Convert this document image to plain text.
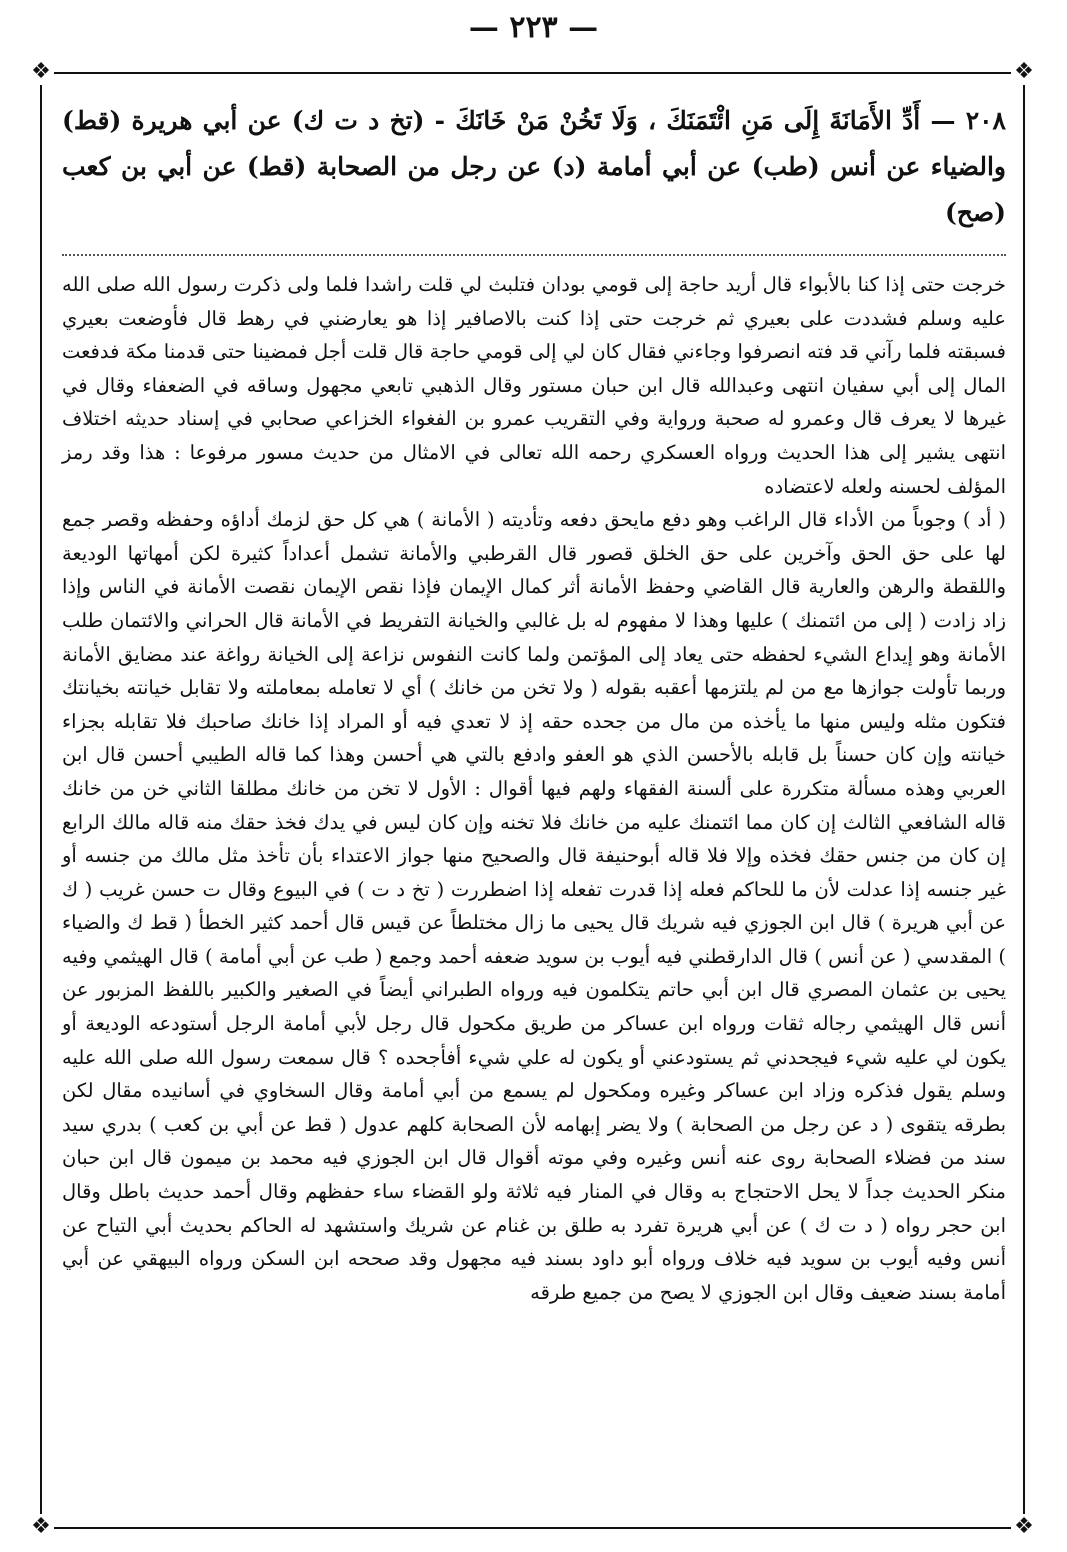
— ٢٢٣ —
❖	❖
❖	❖

٢٠٨ — أَدِّ الأَمَانَةَ إِلَى مَنِ ائْتَمَنَكَ ، وَلَا تَخُنْ مَنْ خَانَكَ - (تخ د ت ك) عن أبي هريرة (قط) والضياء عن أنس (طب) عن أبي أمامة (د) عن رجل من الصحابة (قط) عن أبي بن كعب (صح)

خرجت حتى إذا كنا بالأبواء قال أريد حاجة إلى قومي بودان فتلبث لي قلت راشدا فلما ولى ذكرت رسول الله صلى الله عليه وسلم فشددت على بعيري ثم خرجت حتى إذا كنت بالاصافير إذا هو يعارضني في رهط قال فأوضعت بعيري فسبقته فلما رآني قد فته انصرفوا وجاءني فقال كان لي إلى قومي حاجة قال قلت أجل فمضينا حتى قدمنا مكة فدفعت المال إلى أبي سفيان انتهى وعبدالله قال ابن حبان مستور وقال الذهبي تابعي مجهول وساقه في الضعفاء وقال في غيرها لا يعرف قال وعمرو له صحبة ورواية وفي التقريب عمرو بن الفغواء الخزاعي صحابي في إسناد حديثه اختلاف انتهى يشير إلى هذا الحديث ورواه العسكري رحمه الله تعالى في الامثال من حديث مسور مرفوعا : هذا وقد رمز المؤلف لحسنه ولعله لاعتضاده

( أد ) وجوباً من الأداء قال الراغب وهو دفع مايحق دفعه وتأديته ( الأمانة ) هي كل حق لزمك أداؤه وحفظه وقصر جمع لها على حق الحق وآخرين على حق الخلق قصور قال القرطبي والأمانة تشمل أعداداً كثيرة لكن أمهاتها الوديعة واللقطة والرهن والعارية قال القاضي وحفظ الأمانة أثر كمال الإيمان فإذا نقص الإيمان نقصت الأمانة في الناس وإذا زاد زادت ( إلى من ائتمنك ) عليها وهذا لا مفهوم له بل غالبي والخيانة التفريط في الأمانة قال الحراني والائتمان طلب الأمانة وهو إيداع الشيء لحفظه حتى يعاد إلى المؤتمن ولما كانت النفوس نزاعة إلى الخيانة رواغة عند مضايق الأمانة وربما تأولت جوازها مع من لم يلتزمها أعقبه بقوله ( ولا تخن من خانك ) أي لا تعامله بمعاملته ولا تقابل خيانته بخيانتك فتكون مثله وليس منها ما يأخذه من مال من جحده حقه إذ لا تعدي فيه أو المراد إذا خانك صاحبك فلا تقابله بجزاء خيانته وإن كان حسناً بل قابله بالأحسن الذي هو العفو وادفع بالتي هي أحسن وهذا كما قاله الطيبي أحسن قال ابن العربي وهذه مسألة متكررة على ألسنة الفقهاء ولهم فيها أقوال : الأول لا تخن من خانك مطلقا الثاني خن من خانك قاله الشافعي الثالث إن كان مما ائتمنك عليه من خانك فلا تخنه وإن كان ليس في يدك فخذ حقك منه قاله مالك الرابع إن كان من جنس حقك فخذه وإلا فلا قاله أبوحنيفة قال والصحيح منها جواز الاعتداء بأن تأخذ مثل مالك من جنسه أو غير جنسه إذا عدلت لأن ما للحاكم فعله إذا قدرت تفعله إذا اضطررت ( تخ د ت ) في البيوع وقال ت حسن غريب ( ك عن أبي هريرة ) قال ابن الجوزي فيه شريك قال يحيى ما زال مختلطاً عن قيس قال أحمد كثير الخطأ ( قط ك والضياء ) المقدسي ( عن أنس ) قال الدارقطني فيه أيوب بن سويد ضعفه أحمد وجمع ( طب عن أبي أمامة ) قال الهيثمي وفيه يحيى بن عثمان المصري قال ابن أبي حاتم يتكلمون فيه ورواه الطبراني أيضاً في الصغير والكبير باللفظ المزبور عن أنس قال الهيثمي رجاله ثقات ورواه ابن عساكر من طريق مكحول قال رجل لأبي أمامة الرجل أستودعه الوديعة أو يكون لي عليه شيء فيجحدني ثم يستودعني أو يكون له علي شيء أفأجحده ؟ قال سمعت رسول الله صلى الله عليه وسلم يقول فذكره وزاد ابن عساكر وغيره ومكحول لم يسمع من أبي أمامة وقال السخاوي في أسانيده مقال لكن بطرقه يتقوى ( د عن رجل من الصحابة ) ولا يضر إبهامه لأن الصحابة كلهم عدول ( قط عن أبي بن كعب ) بدري سيد سند من فضلاء الصحابة روى عنه أنس وغيره وفي موته أقوال قال ابن الجوزي فيه محمد بن ميمون قال ابن حبان منكر الحديث جداً لا يحل الاحتجاج به وقال في المنار فيه ثلاثة ولو القضاء ساء حفظهم وقال أحمد حديث باطل وقال ابن حجر رواه ( د ت ك ) عن أبي هريرة تفرد به طلق بن غنام عن شريك واستشهد له الحاكم بحديث أبي التياح عن أنس وفيه أيوب بن سويد فيه خلاف ورواه أبو داود بسند فيه مجهول وقد صححه ابن السكن ورواه البيهقي عن أبي أمامة بسند ضعيف وقال ابن الجوزي لا يصح من جميع طرقه
